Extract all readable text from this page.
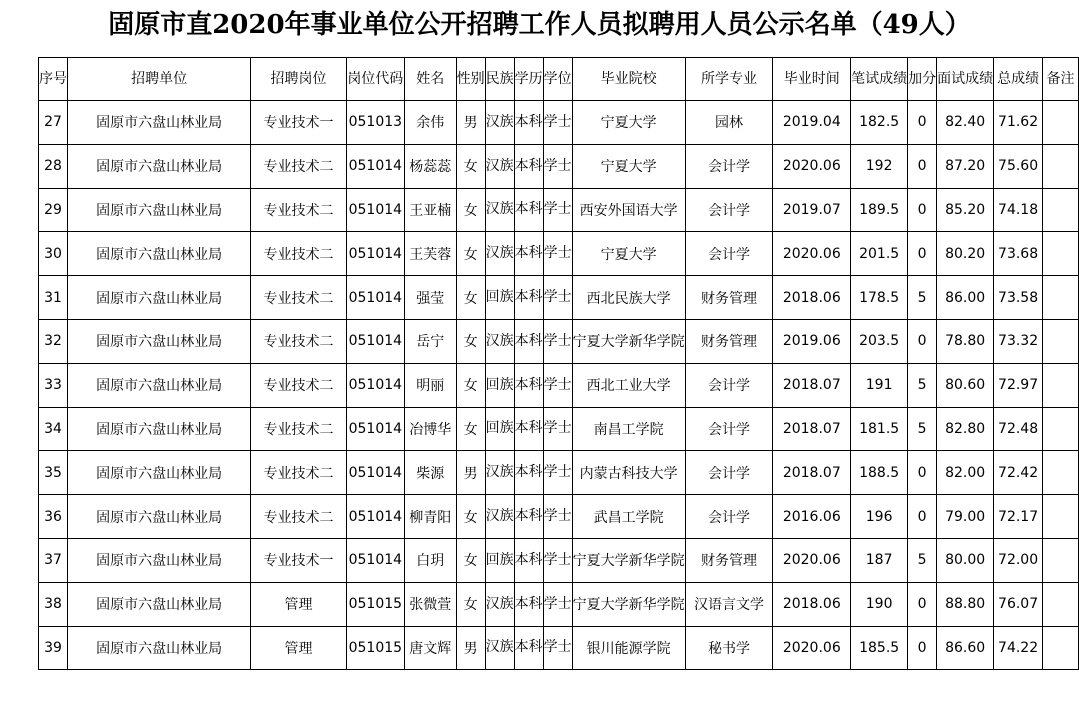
固原市直2020年事业单位公开招聘工作人员拟聘用人员公示名单（49人）
序号	招聘单位	招聘岗位	岗位代码	姓名	性别	民族	学历	学位	毕业院校	所学专业	毕业时间	笔试成绩	加分	面试成绩	总成绩	备注
27	固原市六盘山林业局	专业技术一	051013	余伟	男	汉族	本科	学士	宁夏大学	园林	2019.04	182.5	0	82.40	71.62	
28	固原市六盘山林业局	专业技术二	051014	杨蕊蕊	女	汉族	本科	学士	宁夏大学	会计学	2020.06	192	0	87.20	75.60	
29	固原市六盘山林业局	专业技术二	051014	王亚楠	女	汉族	本科	学士	西安外国语大学	会计学	2019.07	189.5	0	85.20	74.18	
30	固原市六盘山林业局	专业技术二	051014	王芙蓉	女	汉族	本科	学士	宁夏大学	会计学	2020.06	201.5	0	80.20	73.68	
31	固原市六盘山林业局	专业技术二	051014	强莹	女	回族	本科	学士	西北民族大学	财务管理	2018.06	178.5	5	86.00	73.58	
32	固原市六盘山林业局	专业技术二	051014	岳宁	女	汉族	本科	学士	宁夏大学新华学院	财务管理	2019.06	203.5	0	78.80	73.32	
33	固原市六盘山林业局	专业技术二	051014	明丽	女	回族	本科	学士	西北工业大学	会计学	2018.07	191	5	80.60	72.97	
34	固原市六盘山林业局	专业技术二	051014	冶博华	女	回族	本科	学士	南昌工学院	会计学	2018.07	181.5	5	82.80	72.48	
35	固原市六盘山林业局	专业技术二	051014	柴源	男	汉族	本科	学士	内蒙古科技大学	会计学	2018.07	188.5	0	82.00	72.42	
36	固原市六盘山林业局	专业技术二	051014	柳青阳	女	汉族	本科	学士	武昌工学院	会计学	2016.06	196	0	79.00	72.17	
37	固原市六盘山林业局	专业技术一	051014	白玥	女	回族	本科	学士	宁夏大学新华学院	财务管理	2020.06	187	5	80.00	72.00	
38	固原市六盘山林业局	管理	051015	张微萱	女	汉族	本科	学士	宁夏大学新华学院	汉语言文学	2018.06	190	0	88.80	76.07	
39	固原市六盘山林业局	管理	051015	唐文辉	男	汉族	本科	学士	银川能源学院	秘书学	2020.06	185.5	0	86.60	74.22	
